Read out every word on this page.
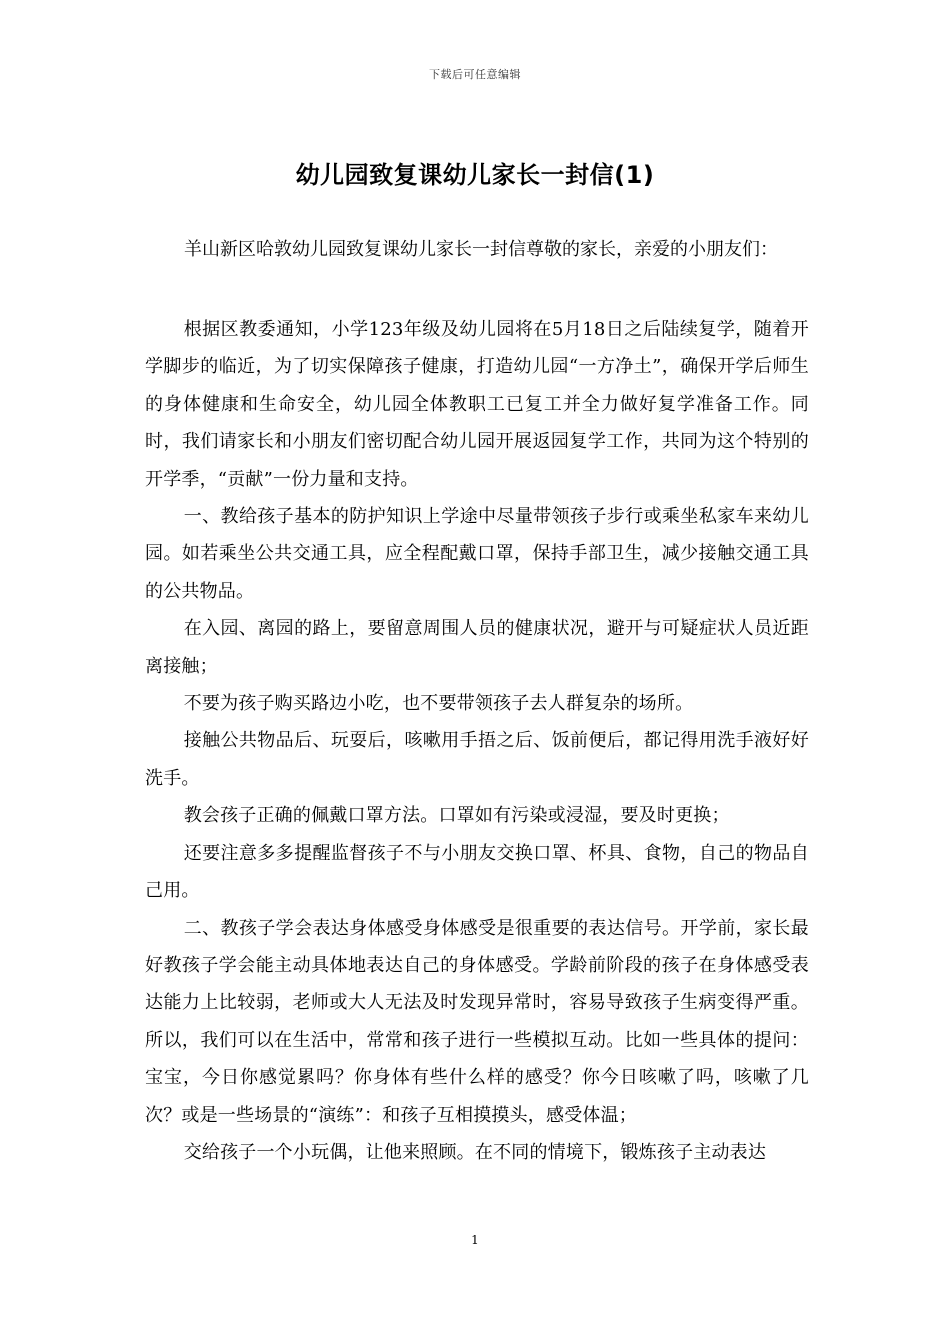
下载后可任意编辑
幼儿园致复课幼儿家长一封信(1)
羊山新区哈敦幼儿园致复课幼儿家长一封信尊敬的家长，亲爱的小朋友们：

根据区教委通知，小学123年级及幼儿园将在5月18日之后陆续复学，随着开学脚步的临近，为了切实保障孩子健康，打造幼儿园“一方净土”，确保开学后师生的身体健康和生命安全，幼儿园全体教职工已复工并全力做好复学准备工作。同时，我们请家长和小朋友们密切配合幼儿园开展返园复学工作，共同为这个特别的开学季，“贡献”一份力量和支持。

一、教给孩子基本的防护知识上学途中尽量带领孩子步行或乘坐私家车来幼儿园。如若乘坐公共交通工具，应全程配戴口罩，保持手部卫生，减少接触交通工具的公共物品。

在入园、离园的路上，要留意周围人员的健康状况，避开与可疑症状人员近距离接触；

不要为孩子购买路边小吃，也不要带领孩子去人群复杂的场所。

接触公共物品后、玩耍后，咳嗽用手捂之后、饭前便后，都记得用洗手液好好洗手。

教会孩子正确的佩戴口罩方法。口罩如有污染或浸湿，要及时更换；

还要注意多多提醒监督孩子不与小朋友交换口罩、杯具、食物，自己的物品自己用。

二、教孩子学会表达身体感受身体感受是很重要的表达信号。开学前，家长最好教孩子学会能主动具体地表达自己的身体感受。学龄前阶段的孩子在身体感受表达能力上比较弱，老师或大人无法及时发现异常时，容易导致孩子生病变得严重。所以，我们可以在生活中，常常和孩子进行一些模拟互动。比如一些具体的提问：宝宝，今日你感觉累吗？你身体有些什么样的感受？你今日咳嗽了吗，咳嗽了几次？或是一些场景的“演练”：和孩子互相摸摸头，感受体温；

交给孩子一个小玩偶，让他来照顾。在不同的情境下，锻炼孩子主动表达

1
